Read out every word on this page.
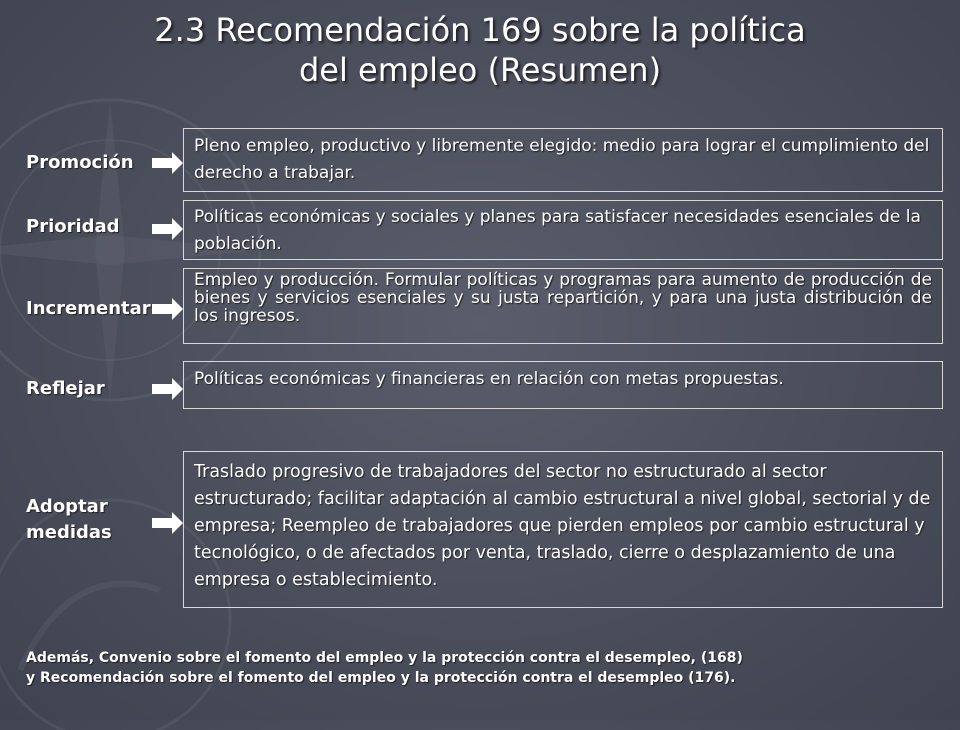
2.3 Recomendación 169 sobre la política
del empleo (Resumen)
Promoción
Pleno empleo, productivo y libremente elegido: medio para lograr el cumplimiento del derecho a trabajar.
Prioridad	Políticas económicas y sociales y planes para satisfacer necesidades esenciales de la población.
Incrementar
Empleo y producción. Formular políticas y programas para aumento de producción de bienes y servicios esenciales y su justa repartición, y para una justa distribución de los ingresos.
Reflejar	Políticas económicas y financieras en relación con metas propuestas.
Adoptar
medidas
Traslado progresivo de trabajadores del sector no estructurado al sector estructurado; facilitar adaptación al cambio estructural a nivel global, sectorial y de empresa; Reempleo de trabajadores que pierden empleos por cambio estructural y tecnológico, o de afectados por venta, traslado, cierre o desplazamiento de una empresa o establecimiento.
Además, Convenio sobre el fomento del empleo y la protección contra el desempleo, (168)
y Recomendación sobre el fomento del empleo y la protección contra el desempleo (176).
